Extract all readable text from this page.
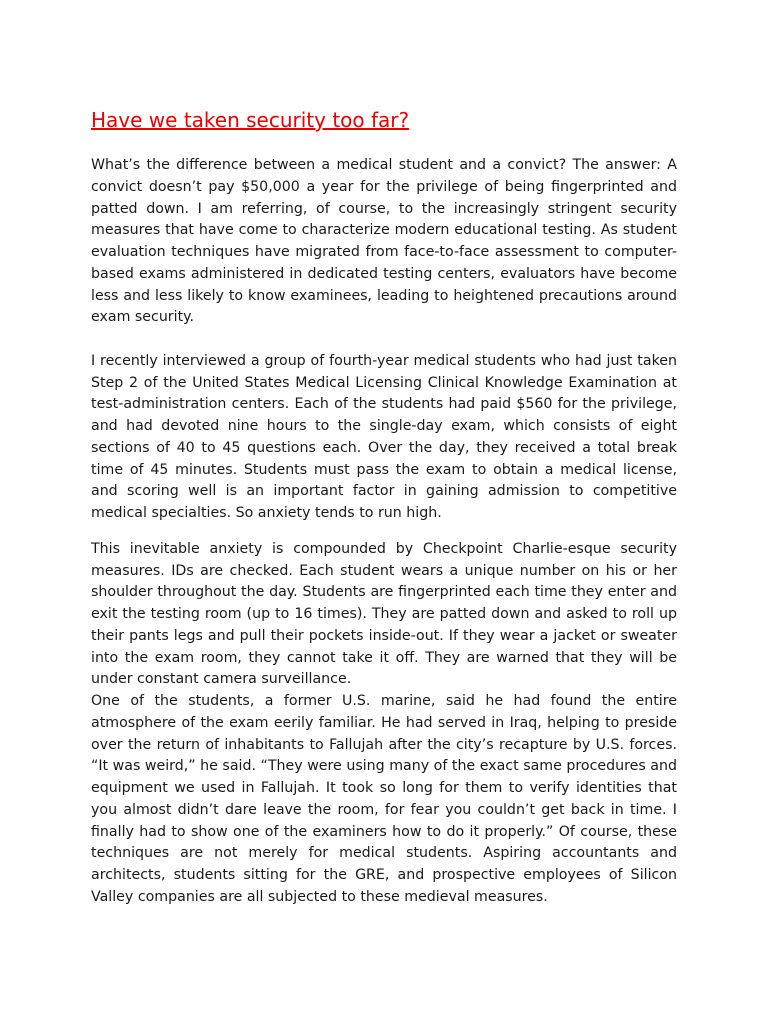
Have we taken security too far?

What’s the difference between a medical student and a convict? The answer: A convict doesn’t pay $50,000 a year for the privilege of being fingerprinted and patted down. I am referring, of course, to the increasingly stringent security measures that have come to characterize modern educational testing. As student evaluation techniques have migrated from face-to-face assessment to computer-based exams administered in dedicated testing centers, evaluators have become less and less likely to know examinees, leading to heightened precautions around exam security.

I recently interviewed a group of fourth-year medical students who had just taken Step 2 of the United States Medical Licensing Clinical Knowledge Examination at test-administration centers. Each of the students had paid $560 for the privilege, and had devoted nine hours to the single-day exam, which consists of eight sections of 40 to 45 questions each. Over the day, they received a total break time of 45 minutes. Students must pass the exam to obtain a medical license, and scoring well is an important factor in gaining admission to competitive medical specialties. So anxiety tends to run high.

This inevitable anxiety is compounded by Checkpoint Charlie-esque security measures. IDs are checked. Each student wears a unique number on his or her shoulder throughout the day. Students are fingerprinted each time they enter and exit the testing room (up to 16 times). They are patted down and asked to roll up their pants legs and pull their pockets inside-out. If they wear a jacket or sweater into the exam room, they cannot take it off. They are warned that they will be under constant camera surveillance.

One of the students, a former U.S. marine, said he had found the entire atmosphere of the exam eerily familiar. He had served in Iraq, helping to preside over the return of inhabitants to Fallujah after the city’s recapture by U.S. forces. “It was weird,” he said. “They were using many of the exact same procedures and equipment we used in Fallujah. It took so long for them to verify identities that you almost didn’t dare leave the room, for fear you couldn’t get back in time. I finally had to show one of the examiners how to do it properly.” Of course, these techniques are not merely for medical students. Aspiring accountants and architects, students sitting for the GRE, and prospective employees of Silicon Valley companies are all subjected to these medieval measures.
